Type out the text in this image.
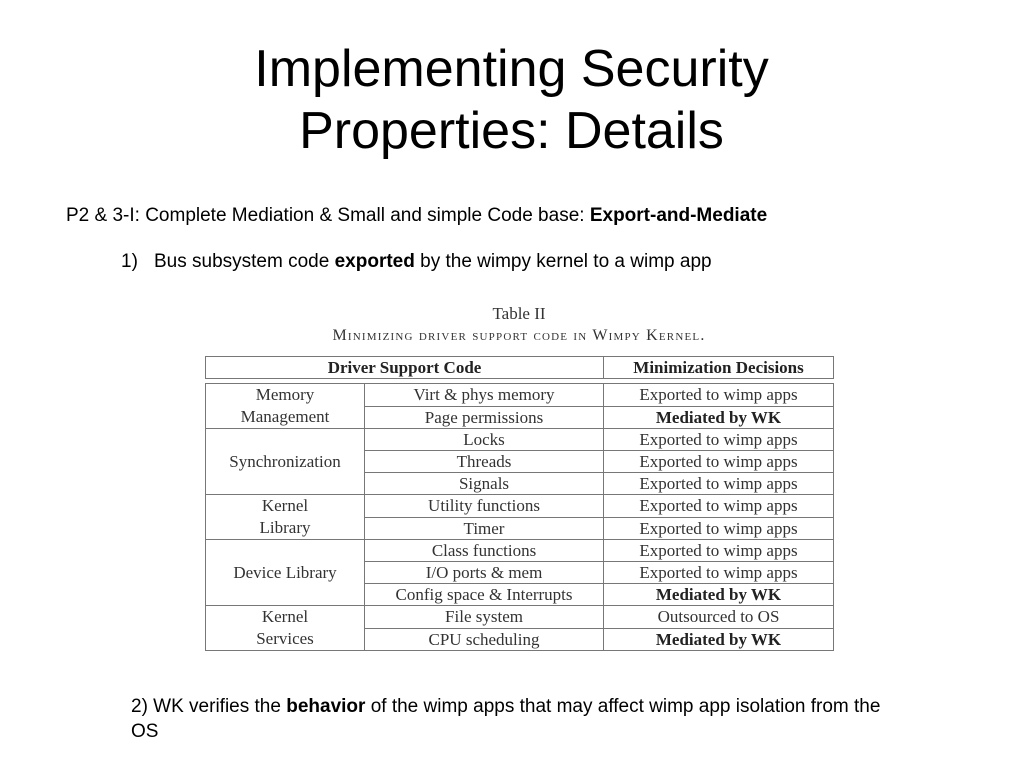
Implementing Security
Properties: Details
P2 & 3-I: Complete Mediation & Small and simple Code base: Export-and-Mediate
1) Bus subsystem code exported by the wimpy kernel to a wimp app
Table II
Minimizing driver support code in Wimpy Kernel.
Driver Support Code		Minimization Decisions

Memory
Management	Virt & phys memory	Exported to wimp apps
	Page permissions	Mediated by WK

Synchronization	Locks	Exported to wimp apps
	Threads	Exported to wimp apps
	Signals	Exported to wimp apps

Kernel
Library	Utility functions	Exported to wimp apps
	Timer	Exported to wimp apps

Device Library	Class functions	Exported to wimp apps
	I/O ports & mem	Exported to wimp apps
	Config space & Interrupts	Mediated by WK

Kernel
Services	File system	Outsourced to OS
	CPU scheduling	Mediated by WK
2) WK verifies the behavior of the wimp apps that may affect wimp app isolation from the OS
